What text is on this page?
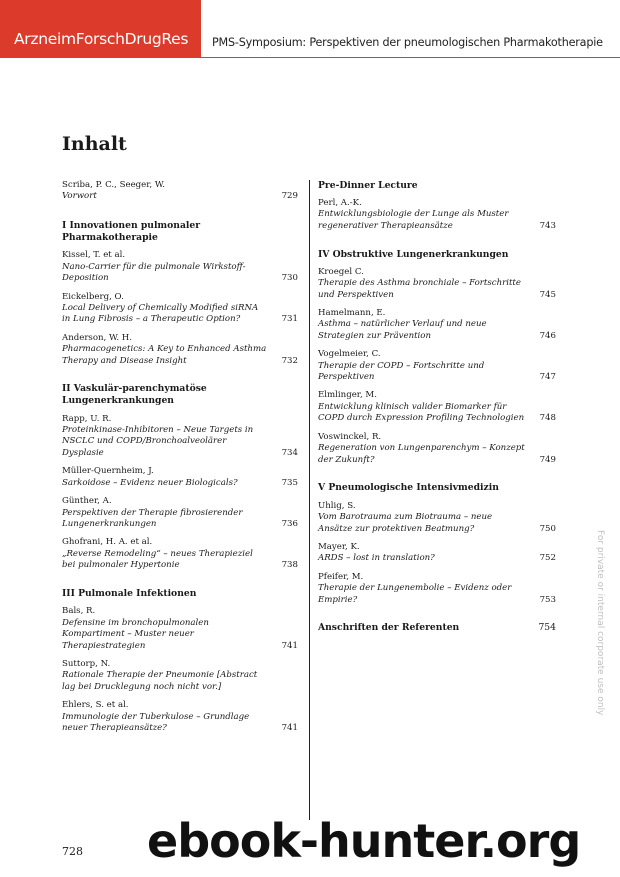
ArzneimForschDrugRes PMS-Symposium: Perspektiven der pneumologischen Pharmakotherapie
Inhalt
Scriba, P. C., Seeger, W.
Vorwort	729
I Innovationen pulmonaler Pharmakotherapie
Kissel, T. et al.
Nano-Carrier für die pulmonale Wirkstoff-Deposition	730
Eickelberg, O.
Local Delivery of Chemically Modified siRNA in Lung Fibrosis – a Therapeutic Option?	731
Anderson, W. H.
Pharmacogenetics: A Key to Enhanced Asthma Therapy and Disease Insight	732
II Vaskulär-parenchymatöse Lungenerkrankungen
Rapp, U. R.
Proteinkinase-Inhibitoren – Neue Targets in NSCLC und COPD/Bronchoalveolärer Dysplasie	734
Müller-Quernheim, J.
Sarkoidose – Evidenz neuer Biologicals?	735
Günther, A.
Perspektiven der Therapie fibrosierender Lungenerkrankungen	736
Ghofrani, H. A. et al.
„Reverse Remodeling“ – neues Therapieziel bei pulmonaler Hypertonie	738
III Pulmonale Infektionen
Bals, R.
Defensine im bronchopulmonalen Kompartiment – Muster neuer Therapiestrategien	741
Suttorp, N.
Rationale Therapie der Pneumonie [Abstract lag bei Drucklegung noch nicht vor.]
Ehlers, S. et al.
Immunologie der Tuberkulose – Grundlage neuer Therapieansätze?	741
Pre-Dinner Lecture
Perl, A.-K.
Entwicklungsbiologie der Lunge als Muster regenerativer Therapieansätze	743
IV Obstruktive Lungenerkrankungen
Kroegel C.
Therapie des Asthma bronchiale – Fortschritte und Perspektiven	745
Hamelmann, E.
Asthma – natürlicher Verlauf und neue Strategien zur Prävention	746
Vogelmeier, C.
Therapie der COPD – Fortschritte und Perspektiven	747
Elmlinger, M.
Entwicklung klinisch valider Biomarker für COPD durch Expression Profiling Technologien 748
Voswinckel, R.
Regeneration von Lungenparenchym – Konzept der Zukunft?	749
V Pneumologische Intensivmedizin
Uhlig, S.
Vom Barotrauma zum Biotrauma – neue Ansätze zur protektiven Beatmung?	750
Mayer, K.
ARDS – lost in translation?	752
Pfeifer, M.
Therapie der Lungenembolie – Evidenz oder Empirie?	753
Anschriften der Referenten	754	For private or internal corporate use only
728 ebook-hunter.org
